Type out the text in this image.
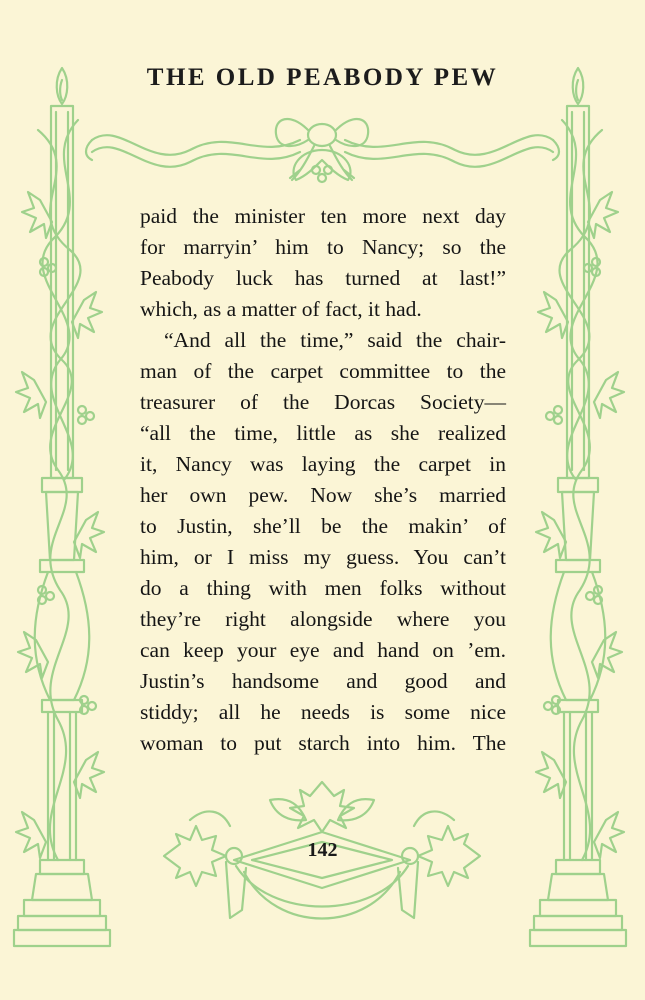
THE OLD PEABODY PEW
paid the minister ten more next day
for marryin’ him to Nancy; so the
Peabody luck has turned at last!”
which, as a matter of fact, it had.
“And all the time,” said the chair-
man of the carpet committee to the
treasurer of the Dorcas Society—
“all the time, little as she realized
it, Nancy was laying the carpet in
her own pew. Now she’s married
to Justin, she’ll be the makin’ of
him, or I miss my guess. You can’t
do a thing with men folks without
they’re right alongside where you
can keep your eye and hand on ’em.
Justin’s handsome and good and
stiddy; all he needs is some nice
woman to put starch into him. The
142
